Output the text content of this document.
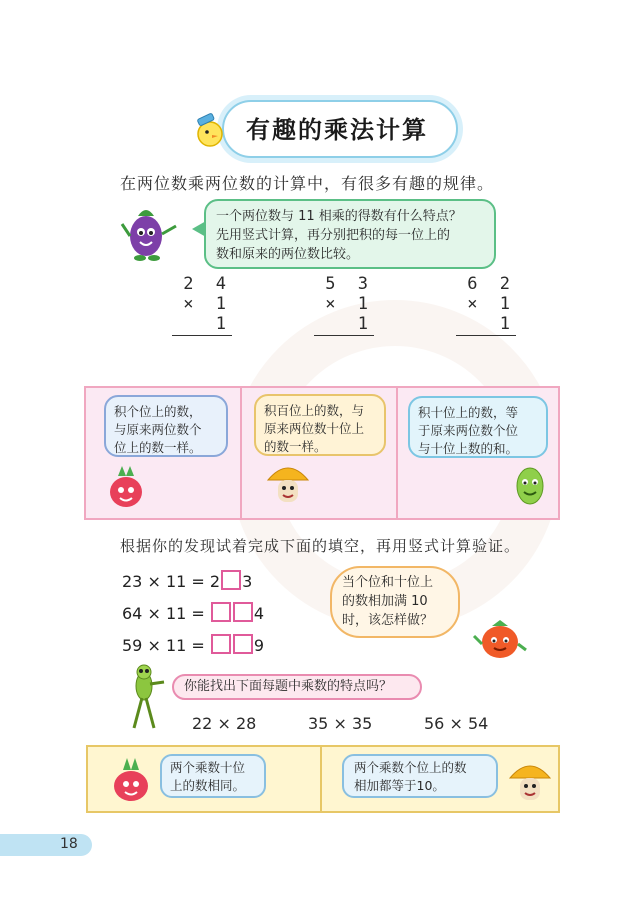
有趣的乘法计算
在两位数乘两位数的计算中，有很多有趣的规律。
一个两位数与 11 相乘的得数有什么特点？
先用竖式计算，再分别把积的每一位上的
数和原来的两位数比较。
2 4
× 1 1
5 3
× 1 1
6 2
× 1 1
积个位上的数，
与原来两位数个
位上的数一样。
积百位上的数，与
原来两位数十位上
的数一样。
积十位上的数，等
于原来两位数个位
与十位上数的和。
根据你的发现试着完成下面的填空，再用竖式计算验证。
23 × 11 = 2 3
64 × 11 =	4
59 × 11 =	9
当个位和十位上
的数相加满 10
时，该怎样做？
你能找出下面每题中乘数的特点吗？
22 × 28	35 × 35	56 × 54
两个乘数十位
上的数相同。
两个乘数个位上的数
相加都等于10。
18
